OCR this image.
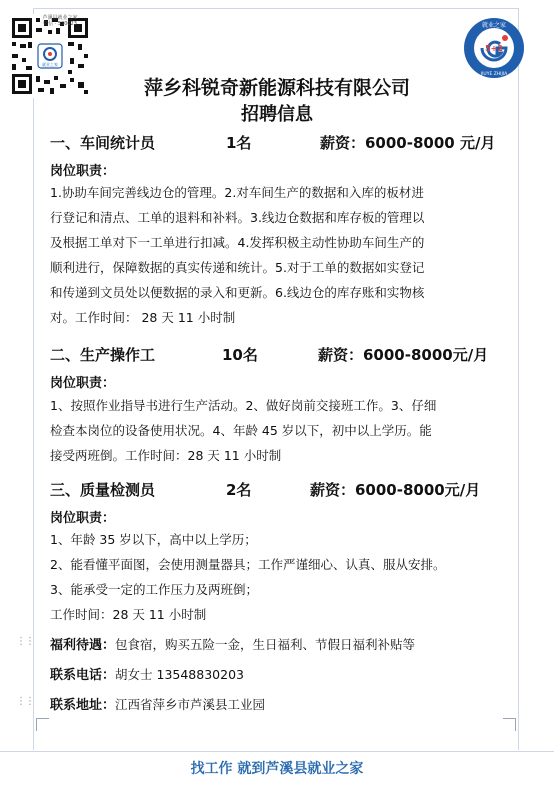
就业之家
芦溪县就业之家
微信 · 530023
5+2
就业之家
JIUYE ZHIJIA
萍乡科锐奇新能源科技有限公司
招聘信息
一、车间统计员	1名	薪资：6000-8000 元/月
岗位职责：
1.协助车间完善线边仓的管理。2.对车间生产的数据和入库的板材进
行登记和清点、工单的退料和补料。3.线边仓数据和库存板的管理以
及根据工单对下一工单进行扣减。4.发挥积极主动性协助车间生产的
顺利进行，保障数据的真实传递和统计。5.对于工单的数据如实登记
和传递到文员处以便数据的录入和更新。6.线边仓的库存账和实物核
对。工作时间： 28 天 11 小时制
二、生产操作工	10名	薪资：6000-8000元/月
岗位职责：
1、按照作业指导书进行生产活动。2、做好岗前交接班工作。3、仔细
检查本岗位的设备使用状况。4、年龄 45 岁以下，初中以上学历。能
接受两班倒。工作时间：28 天 11 小时制
三、质量检测员	2名	薪资：6000-8000元/月
岗位职责：
1、年龄 35 岁以下，高中以上学历；
2、能看懂平面图，会使用测量器具；工作严谨细心、认真、服从安排。
3、能承受一定的工作压力及两班倒；
工作时间：28 天 11 小时制
⋮⋮ 福利待遇：包食宿，购买五险一金，生日福利、节假日福利补贴等
联系电话：胡女士 13548830203
⋮⋮ 联系地址：江西省萍乡市芦溪县工业园
找工作 就到芦溪县就业之家
